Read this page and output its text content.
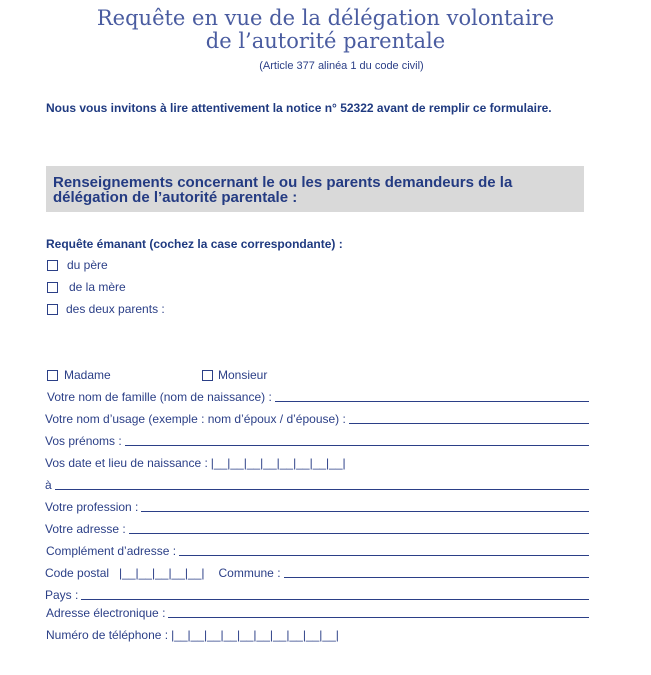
Requête en vue de la délégation volontaire
de l’autorité parentale
(Article 377 alinéa 1 du code civil)
Nous vous invitons à lire attentivement la notice n° 52322 avant de remplir ce formulaire.
Renseignements concernant le ou les parents demandeurs de la délégation de l’autorité parentale :
Requête émanant (cochez la case correspondante) :
du père
de la mère
des deux parents :
Madame	Monsieur
Votre nom de famille (nom de naissance) :
Votre nom d’usage (exemple : nom d’époux / d’épouse) :
Vos prénoms :
Vos date et lieu de naissance : |__|__|__|__|__|__|__|__|
à
Votre profession :
Votre adresse :
Complément d’adresse :
Code postal |__|__|__|__|__| Commune :
Pays :
Adresse électronique :
Numéro de téléphone : |__|__|__|__|__|__|__|__|__|__|
